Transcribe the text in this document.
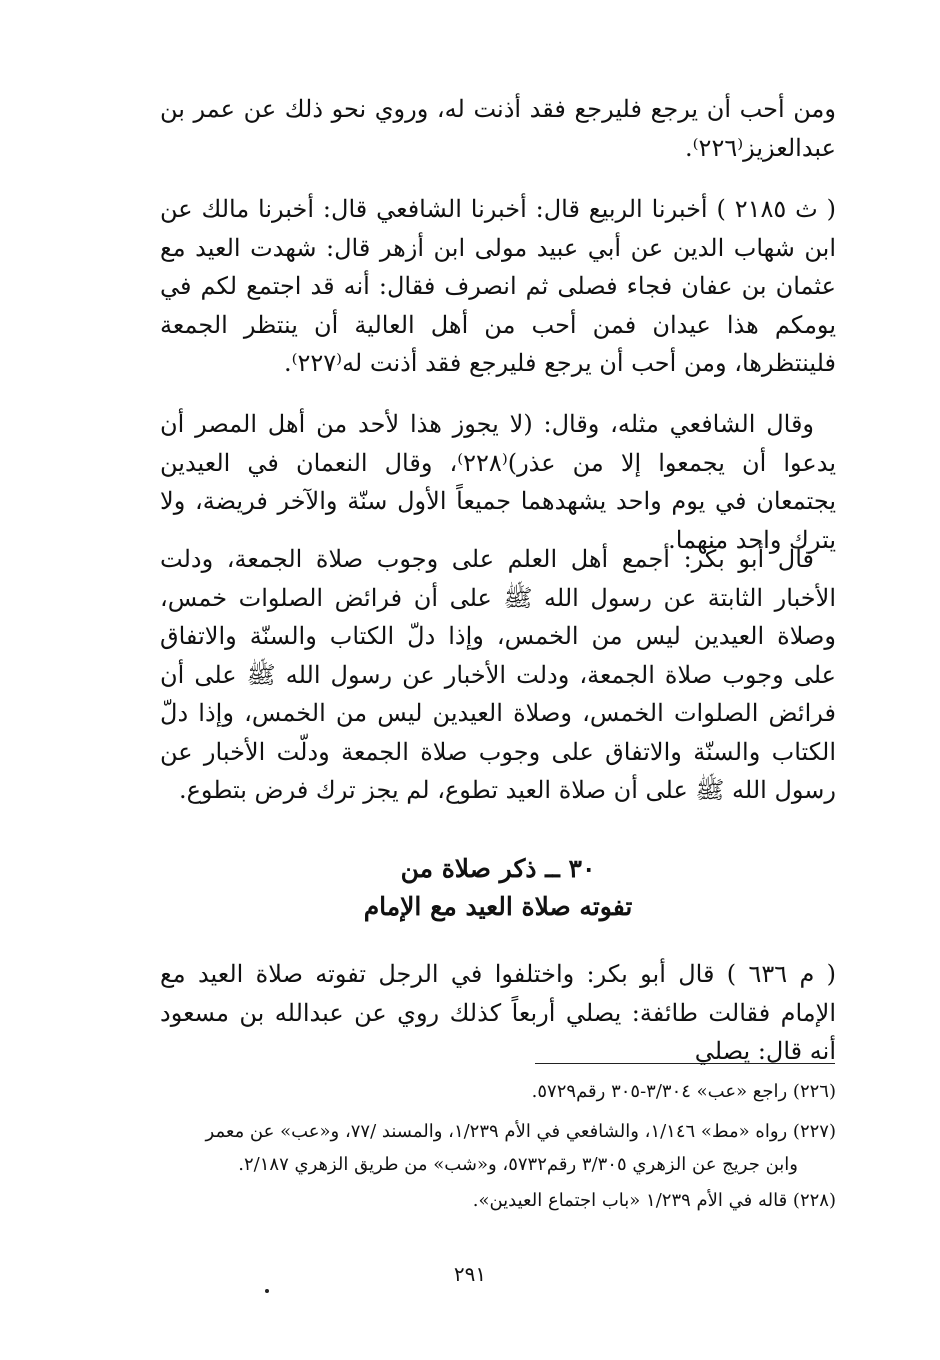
ومن أحب أن يرجع فليرجع فقد أذنت له، وروي نحو ذلك عن عمر بن عبدالعزيز⁽٢٢٦⁾.

( ث ٢١٨٥ ) أخبرنا الربيع قال: أخبرنا الشافعي قال: أخبرنا مالك عن ابن شهاب الدين عن أبي عبيد مولى ابن أزهر قال: شهدت العيد مع عثمان بن عفان فجاء فصلى ثم انصرف فقال: أنه قد اجتمع لكم في يومكم هذا عيدان فمن أحب من أهل العالية أن ينتظر الجمعة فلينتظرها، ومن أحب أن يرجع فليرجع فقد أذنت له⁽٢٢٧⁾.

وقال الشافعي مثله، وقال: (لا يجوز هذا لأحد من أهل المصر أن يدعوا أن يجمعوا إلا من عذر)⁽٢٢٨⁾، وقال النعمان في العيدين يجتمعان في يوم واحد يشهدهما جميعاً الأول سنّة والآخر فريضة، ولا يترك واحد منهما.

قال أبو بكر: أجمع أهل العلم على وجوب صلاة الجمعة، ودلت الأخبار الثابتة عن رسول الله ﷺ على أن فرائض الصلوات خمس، وصلاة العيدين ليس من الخمس، وإذا دلّ الكتاب والسنّة والاتفاق على وجوب صلاة الجمعة، ودلت الأخبار عن رسول الله ﷺ على أن فرائض الصلوات الخمس، وصلاة العيدين ليس من الخمس، وإذا دلّ الكتاب والسنّة والاتفاق على وجوب صلاة الجمعة ودلّت الأخبار عن رسول الله ﷺ على أن صلاة العيد تطوع، لم يجز ترك فرض بتطوع.

٣٠ ــ ذكر صلاة من
تفوته صلاة العيد مع الإمام

( م ٦٣٦ ) قال أبو بكر: واختلفوا في الرجل تفوته صلاة العيد مع الإمام فقالت طائفة: يصلي أربعاً كذلك روي عن عبدالله بن مسعود أنه قال: يصلي

(٢٢٦) راجع «عب» ٣/٣٠٤-٣٠٥ رقم٥٧٢٩.
(٢٢٧) رواه «مط» ١/١٤٦، والشافعي في الأم ١/٢٣٩، والمسند /٧٧، و«عب» عن معمر
وابن جريج عن الزهري ٣/٣٠٥ رقم٥٧٣٢، و«شب» من طريق الزهري ٢/١٨٧.
(٢٢٨) قاله في الأم ١/٢٣٩ «باب اجتماع العيدين».
٢٩١
